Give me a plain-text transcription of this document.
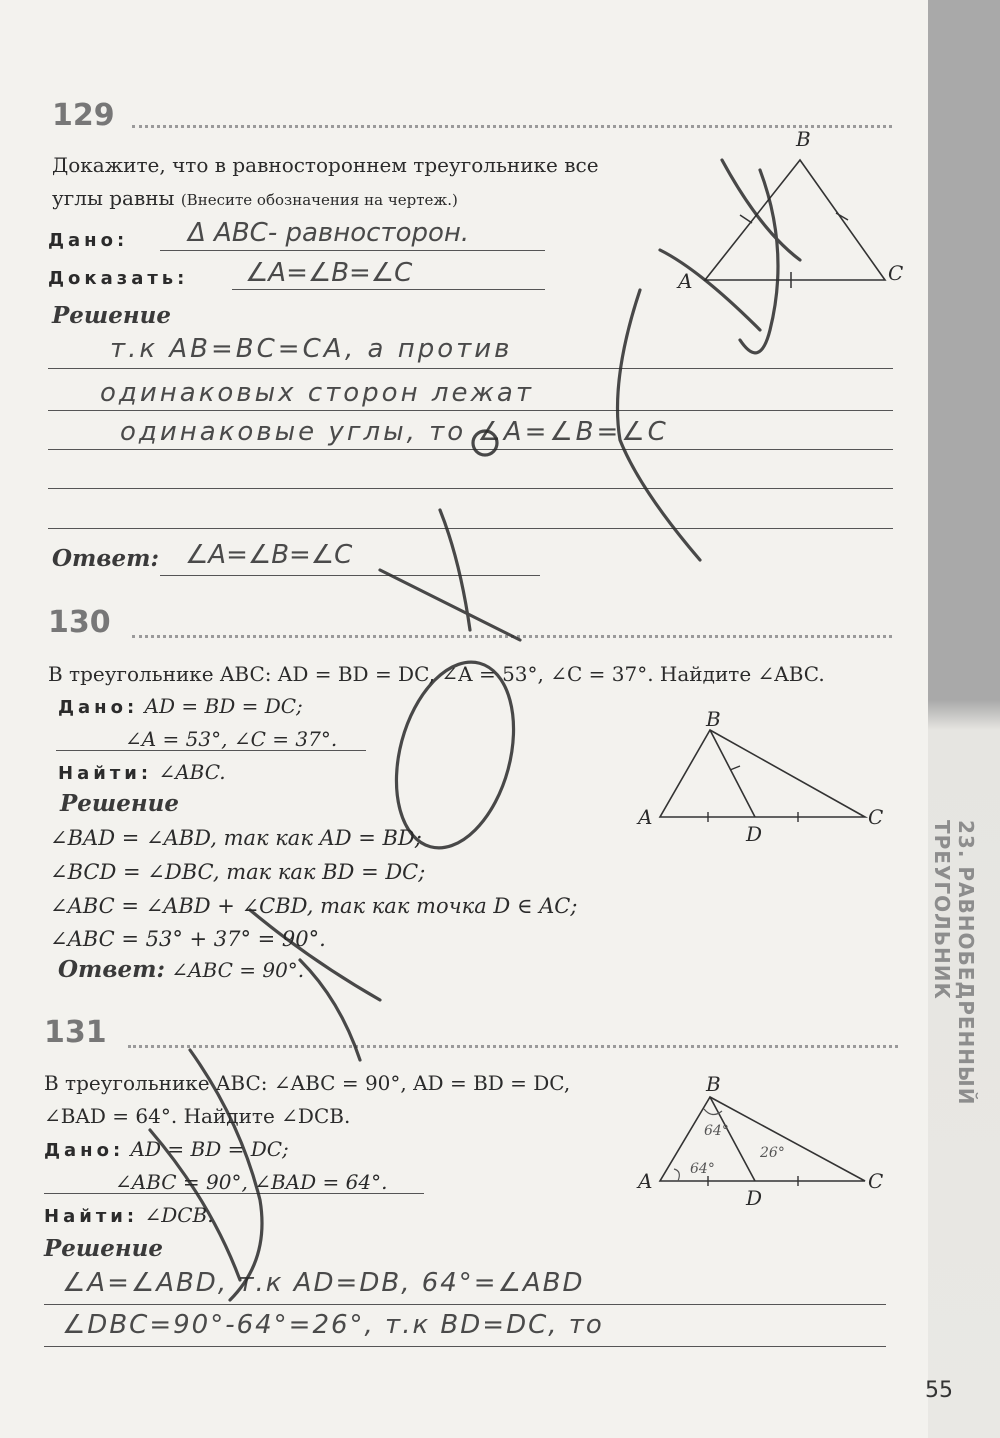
23. РАВНОБЕДРЕННЫЙ ТРЕУГОЛЬНИК
55
129
Докажите, что в равностороннем треугольнике все
углы равны (Внесите обозначения на чертеж.)
Дано: Δ ABC- равносторон.
Доказать: ∠A=∠B=∠C
Решение
т.к AB=BC=CA, а против
одинаковых сторон лежат
одинаковые углы, то ∠A=∠B=∠C
Ответ: ∠A=∠B=∠C
B
A	C
130
В треугольнике ABC: AD = BD = DC, ∠A = 53°, ∠C = 37°. Найдите ∠ABC.
Дано: AD = BD = DC;
∠A = 53°, ∠C = 37°.
Найти: ∠ABC.
Решение
∠BAD = ∠ABD, так как AD = BD;
∠BCD = ∠DBC, так как BD = DC;
∠ABC = ∠ABD + ∠CBD, так как точка D ∈ AC;
∠ABC = 53° + 37° = 90°.
Ответ: ∠ABC = 90°.
B
A	C
D
131
В треугольнике ABC: ∠ABC = 90°, AD = BD = DC,
∠BAD = 64°. Найдите ∠DCB.
Дано: AD = BD = DC;
∠ABC = 90°, ∠BAD = 64°.
Найти: ∠DCB.
Решение
∠A=∠ABD, т.к AD=DB, 64°=∠ABD
∠DBC=90°-64°=26°, т.к BD=DC, то
B
A	C
D
64°
64°
26°
